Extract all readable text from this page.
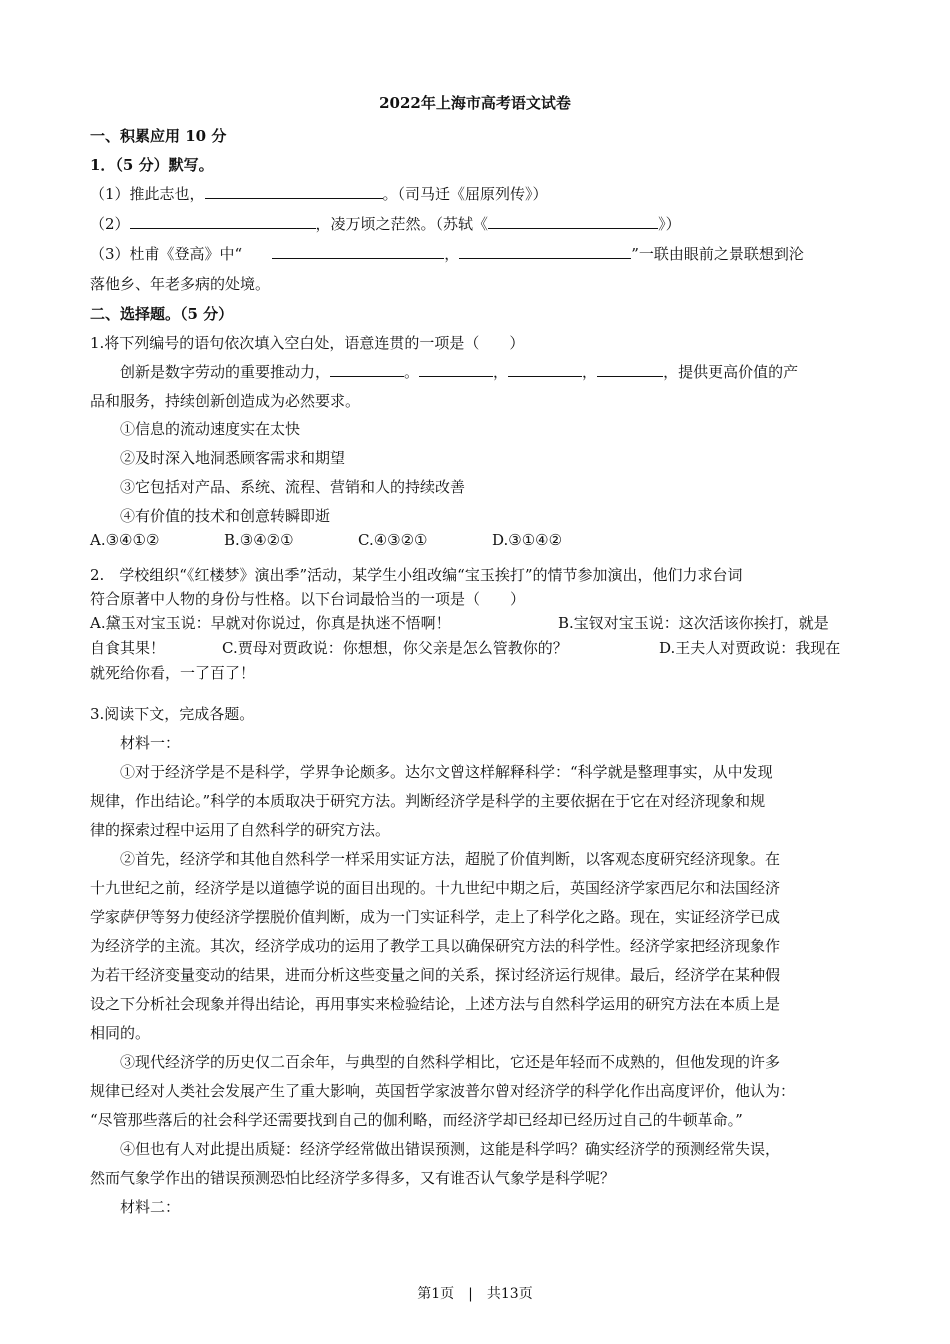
2022年上海市高考语文试卷
一、积累应用 10 分
1．（5 分）默写。
（1）推此志也，	。（司马迁《屈原列传》）
（2）	，凌万顷之茫然。（苏轼《	》）
（3）杜甫《登高》中“	，	”一联由眼前之景联想到沦
落他乡、年老多病的处境。
二、选择题。（5 分）
1.将下列编号的语句依次填入空白处，语意连贯的一项是（　　）
创新是数字劳动的重要推动力，	。	，	，	，提供更高价值的产
品和服务，持续创新创造成为必然要求。
①信息的流动速度实在太快
②及时深入地洞悉顾客需求和期望
③它包括对产品、系统、流程、营销和人的持续改善
④有价值的技术和创意转瞬即逝
A.③④①②	B.③④②①	C.④③②①	D.③①④②
2.　学校组织“《红楼梦》演出季”活动，某学生小组改编“宝玉挨打”的情节参加演出，他们力求台词
符合原著中人物的身份与性格。以下台词最恰当的一项是（　　）
A.黛玉对宝玉说：早就对你说过，你真是执迷不悟啊！	B.宝钗对宝玉说：这次活该你挨打，就是
自食其果！	C.贾母对贾政说：你想想，你父亲是怎么管教你的？	D.王夫人对贾政说：我现在
就死给你看，一了百了！
3.阅读下文，完成各题。
材料一：
①对于经济学是不是科学，学界争论颇多。达尔文曾这样解释科学：“科学就是整理事实，从中发现
规律，作出结论。”科学的本质取决于研究方法。判断经济学是科学的主要依据在于它在对经济现象和规
律的探索过程中运用了自然科学的研究方法。
②首先，经济学和其他自然科学一样采用实证方法，超脱了价值判断，以客观态度研究经济现象。在
十九世纪之前，经济学是以道德学说的面目出现的。十九世纪中期之后，英国经济学家西尼尔和法国经济
学家萨伊等努力使经济学摆脱价值判断，成为一门实证科学，走上了科学化之路。现在，实证经济学已成
为经济学的主流。其次，经济学成功的运用了教学工具以确保研究方法的科学性。经济学家把经济现象作
为若干经济变量变动的结果，进而分析这些变量之间的关系，探讨经济运行规律。最后，经济学在某种假
设之下分析社会现象并得出结论，再用事实来检验结论，上述方法与自然科学运用的研究方法在本质上是
相同的。
③现代经济学的历史仅二百余年，与典型的自然科学相比，它还是年轻而不成熟的，但他发现的许多
规律已经对人类社会发展产生了重大影响，英国哲学家波普尔曾对经济学的科学化作出高度评价，他认为：
“尽管那些落后的社会科学还需要找到自己的伽利略，而经济学却已经却已经历过自己的牛顿革命。”
④但也有人对此提出质疑：经济学经常做出错误预测，这能是科学吗？确实经济学的预测经常失误，
然而气象学作出的错误预测恐怕比经济学多得多，又有谁否认气象学是科学呢？
材料二：
第1页　|　共13页
